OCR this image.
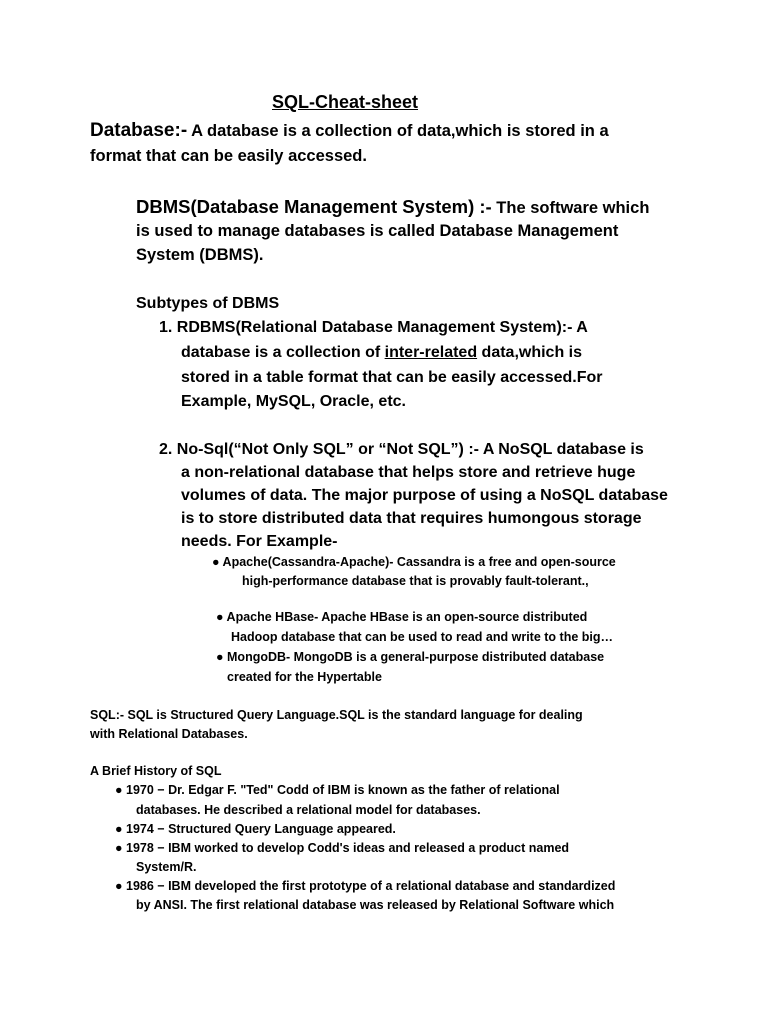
SQL-Cheat-sheet
Database:- A database is a collection of data,which is stored in a
format that can be easily accessed.
DBMS(Database Management System) :- The software which
is used to manage databases is called Database Management
System (DBMS).
Subtypes of DBMS
1. RDBMS(Relational Database Management System):- A
database is a collection of inter-related data,which is
stored in a table format that can be easily accessed.For
Example, MySQL, Oracle, etc.
2. No-Sql(“Not Only SQL” or “Not SQL”) :- A NoSQL database is
a non-relational database that helps store and retrieve huge
volumes of data. The major purpose of using a NoSQL database
is to store distributed data that requires humongous storage
needs. For Example-
● Apache(Cassandra-Apache)- Cassandra is a free and open-source
high-performance database that is provably fault-tolerant.,
● Apache HBase- Apache HBase is an open-source distributed
Hadoop database that can be used to read and write to the big…
● MongoDB- MongoDB is a general-purpose distributed database
created for the Hypertable
SQL:- SQL is Structured Query Language.SQL is the standard language for dealing
with Relational Databases.
A Brief History of SQL
● 1970 − Dr. Edgar F. "Ted" Codd of IBM is known as the father of relational
databases. He described a relational model for databases.
● 1974 − Structured Query Language appeared.
● 1978 − IBM worked to develop Codd's ideas and released a product named
System/R.
● 1986 − IBM developed the first prototype of a relational database and standardized
by ANSI. The first relational database was released by Relational Software which
